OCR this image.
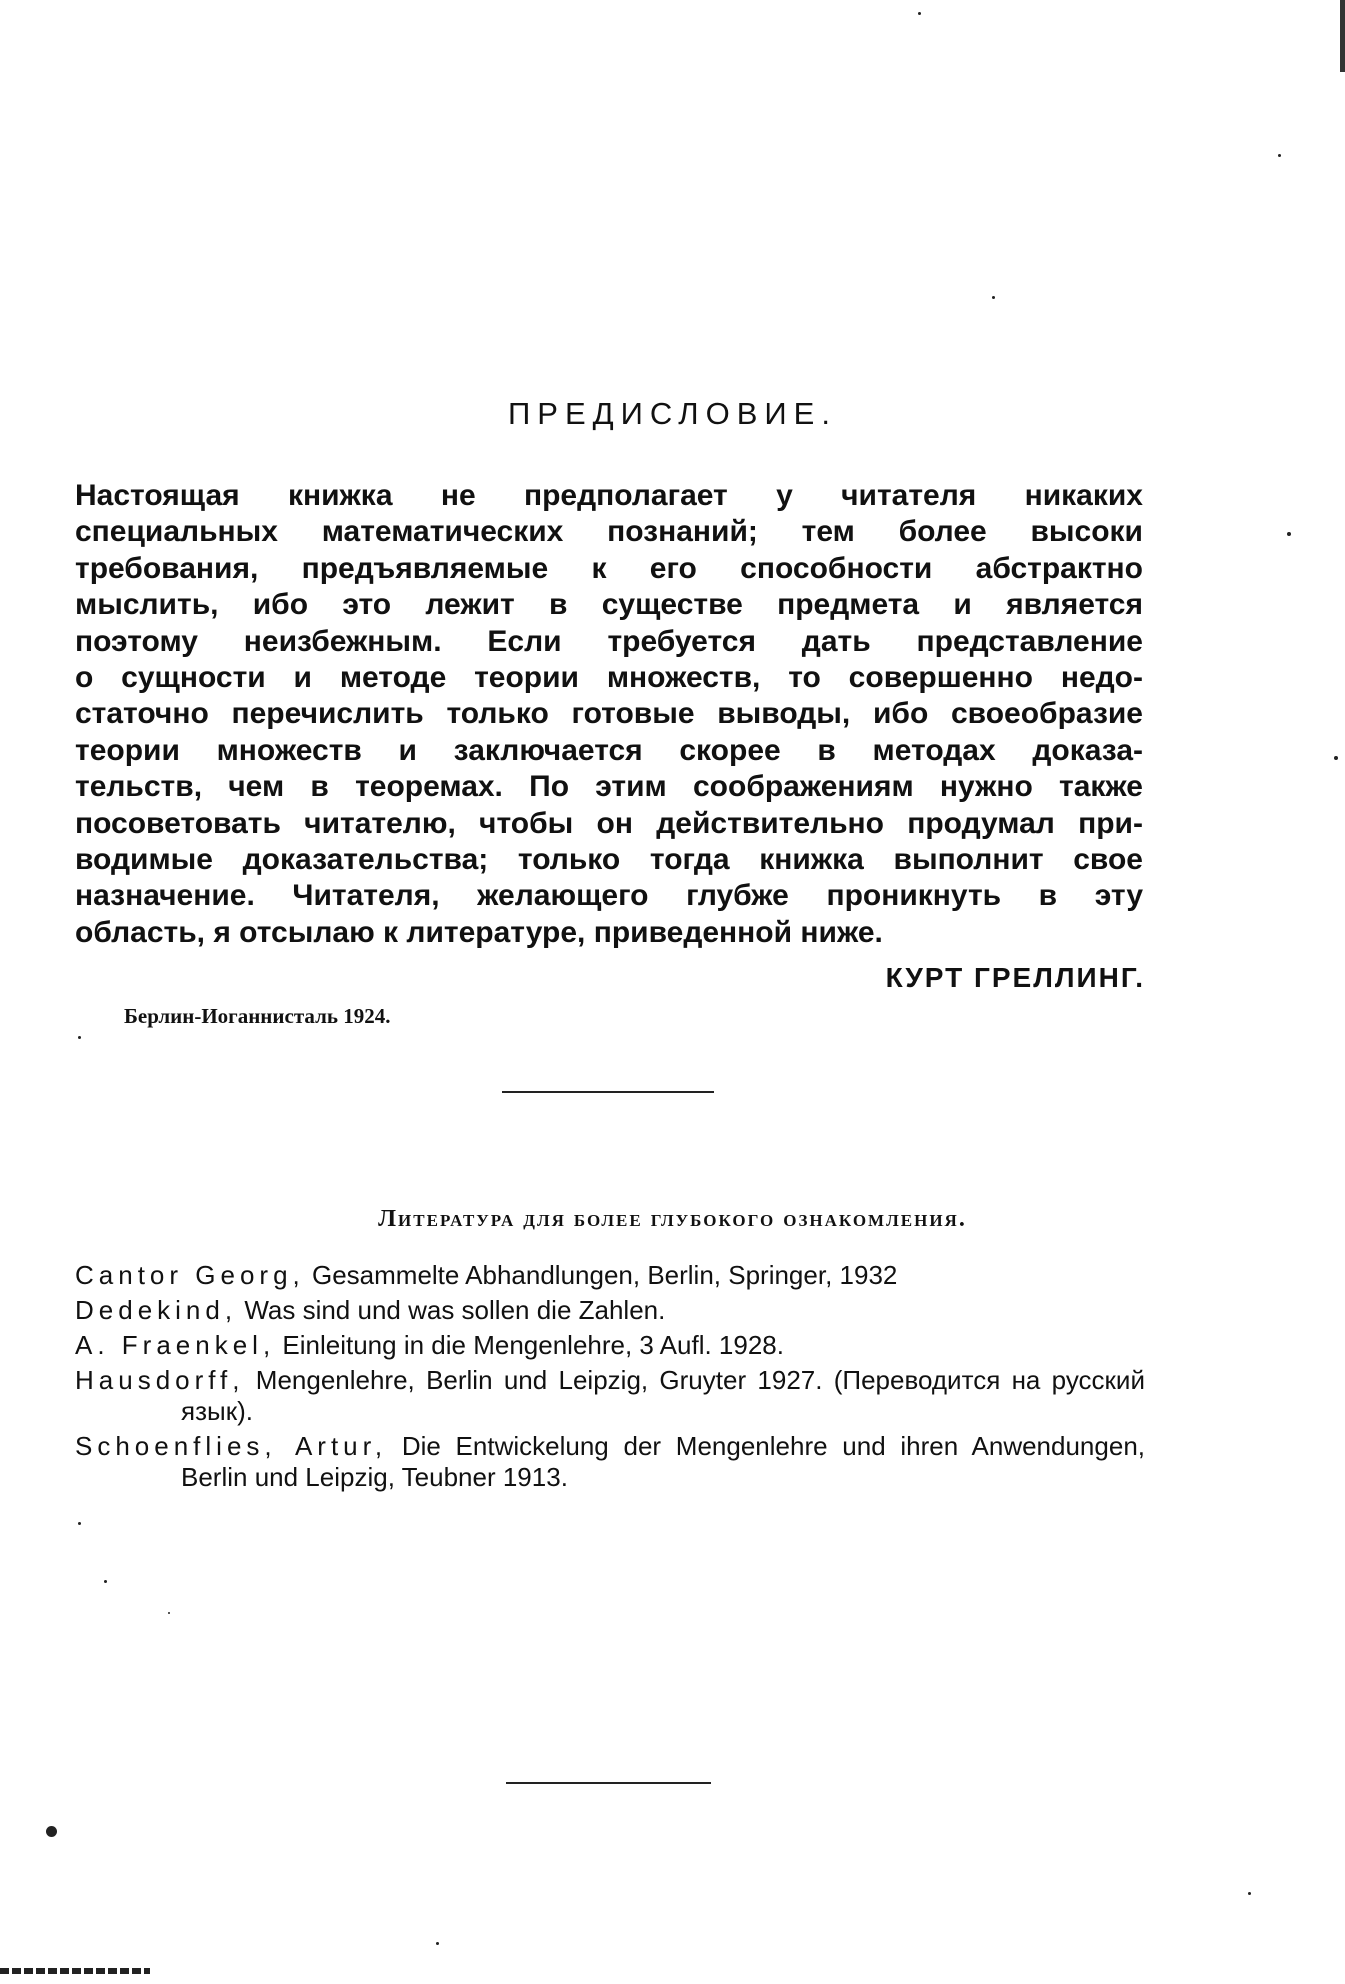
ПРЕДИСЛОВИЕ.
Настоящая книжка не предполагает у читателя никаких
специальных математических познаний; тем более высоки
требования, предъявляемые к его способности абстрактно
мыслить, ибо это лежит в существе предмета и является
поэтому неизбежным. Если требуется дать представление
о сущности и методе теории множеств, то совершенно недо-
статочно перечислить только готовые выводы, ибо своеобразие
теории множеств и заключается скорее в методах доказа-
тельств, чем в теоремах. По этим соображениям нужно также
посоветовать читателю, чтобы он действительно продумал при-
водимые доказательства; только тогда книжка выполнит свое
назначение. Читателя, желающего глубже проникнуть в эту
область, я отсылаю к литературе, приведенной ниже.

КУРТ ГРЕЛЛИНГ.

Берлин-Иоганнисталь 1924.

Литература для более глубокого ознакомления.
Cantor Georg, Gesammelte Abhandlungen, Berlin, Springer, 1932
Dedekind, Was sind und was sollen die Zahlen.
A. Fraenkel, Einleitung in die Mengenlehre, 3 Aufl. 1928.
Hausdorff, Mengenlehre, Berlin und Leipzig, Gruyter 1927. (Переводится на русский язык).
Schoenflies, Artur, Die Entwickelung der Mengenlehre und ihren Anwendungen, Berlin und Leipzig, Teubner 1913.
